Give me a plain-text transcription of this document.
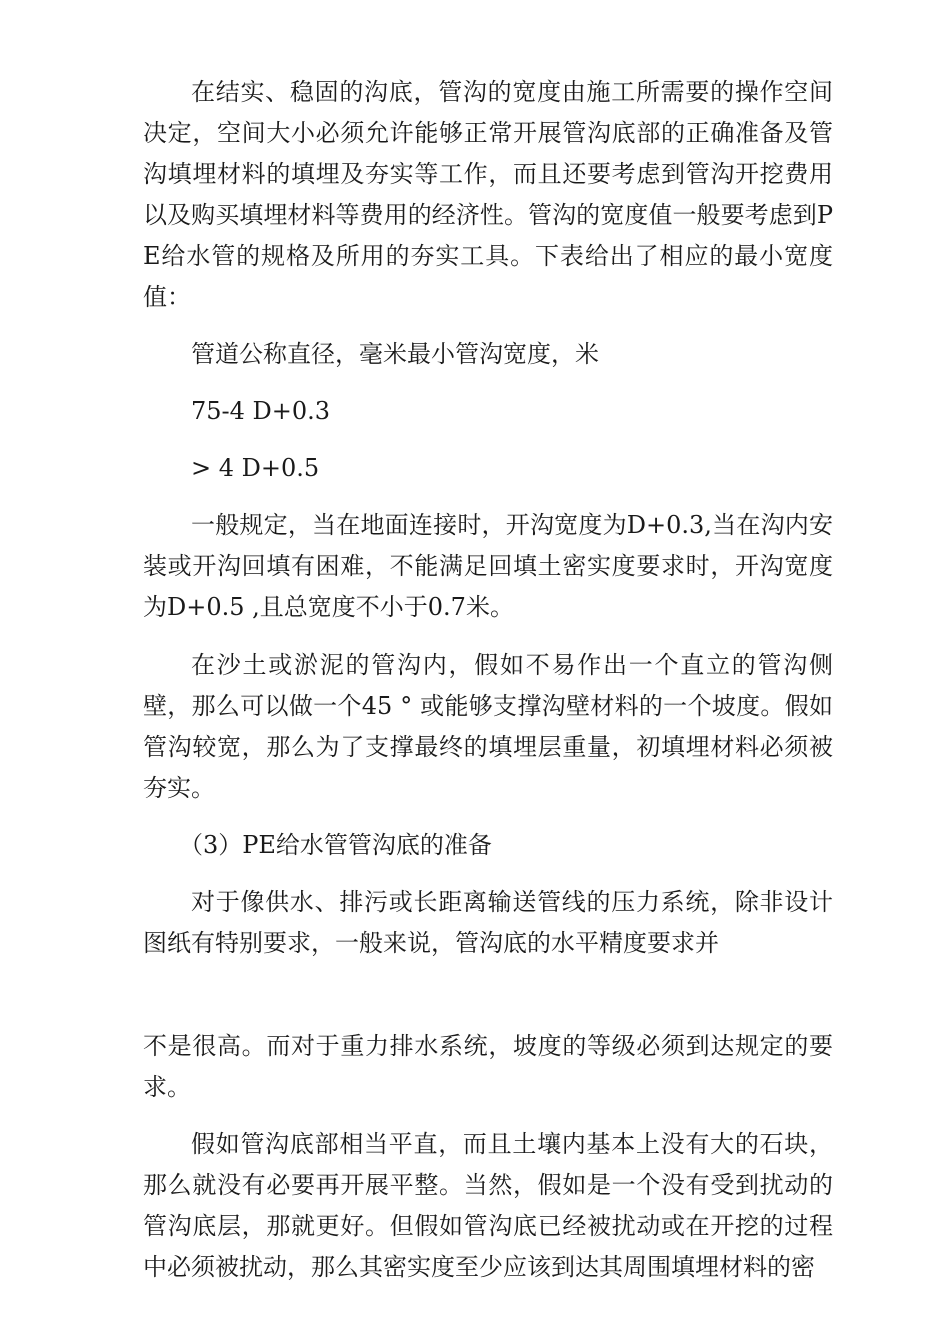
在结实、稳固的沟底，管沟的宽度由施工所需要的操作空间决定，空间大小必须允许能够正常开展管沟底部的正确准备及管沟填埋材料的填埋及夯实等工作，而且还要考虑到管沟开挖费用以及购买填埋材料等费用的经济性。管沟的宽度值一般要考虑到PE给水管的规格及所用的夯实工具。下表给出了相应的最小宽度值：

管道公称直径，毫米最小管沟宽度，米

75-4 D+0.3

> 4 D+0.5

一般规定，当在地面连接时，开沟宽度为D+0.3,当在沟内安装或开沟回填有困难，不能满足回填土密实度要求时，开沟宽度为D+0.5 ,且总宽度不小于0.7米。

在沙土或淤泥的管沟内，假如不易作出一个直立的管沟侧壁，那么可以做一个45 ° 或能够支撑沟壁材料的一个坡度。假如管沟较宽，那么为了支撑最终的填埋层重量，初填埋材料必须被夯实。

（3）PE给水管管沟底的准备

对于像供水、排污或长距离输送管线的压力系统，除非设计图纸有特别要求，一般来说，管沟底的水平精度要求并

不是很高。而对于重力排水系统，坡度的等级必须到达规定的要求。

假如管沟底部相当平直，而且土壤内基本上没有大的石块，那么就没有必要再开展平整。当然，假如是一个没有受到扰动的管沟底层，那就更好。但假如管沟底已经被扰动或在开挖的过程中必须被扰动，那么其密实度至少应该到达其周围填埋材料的密
